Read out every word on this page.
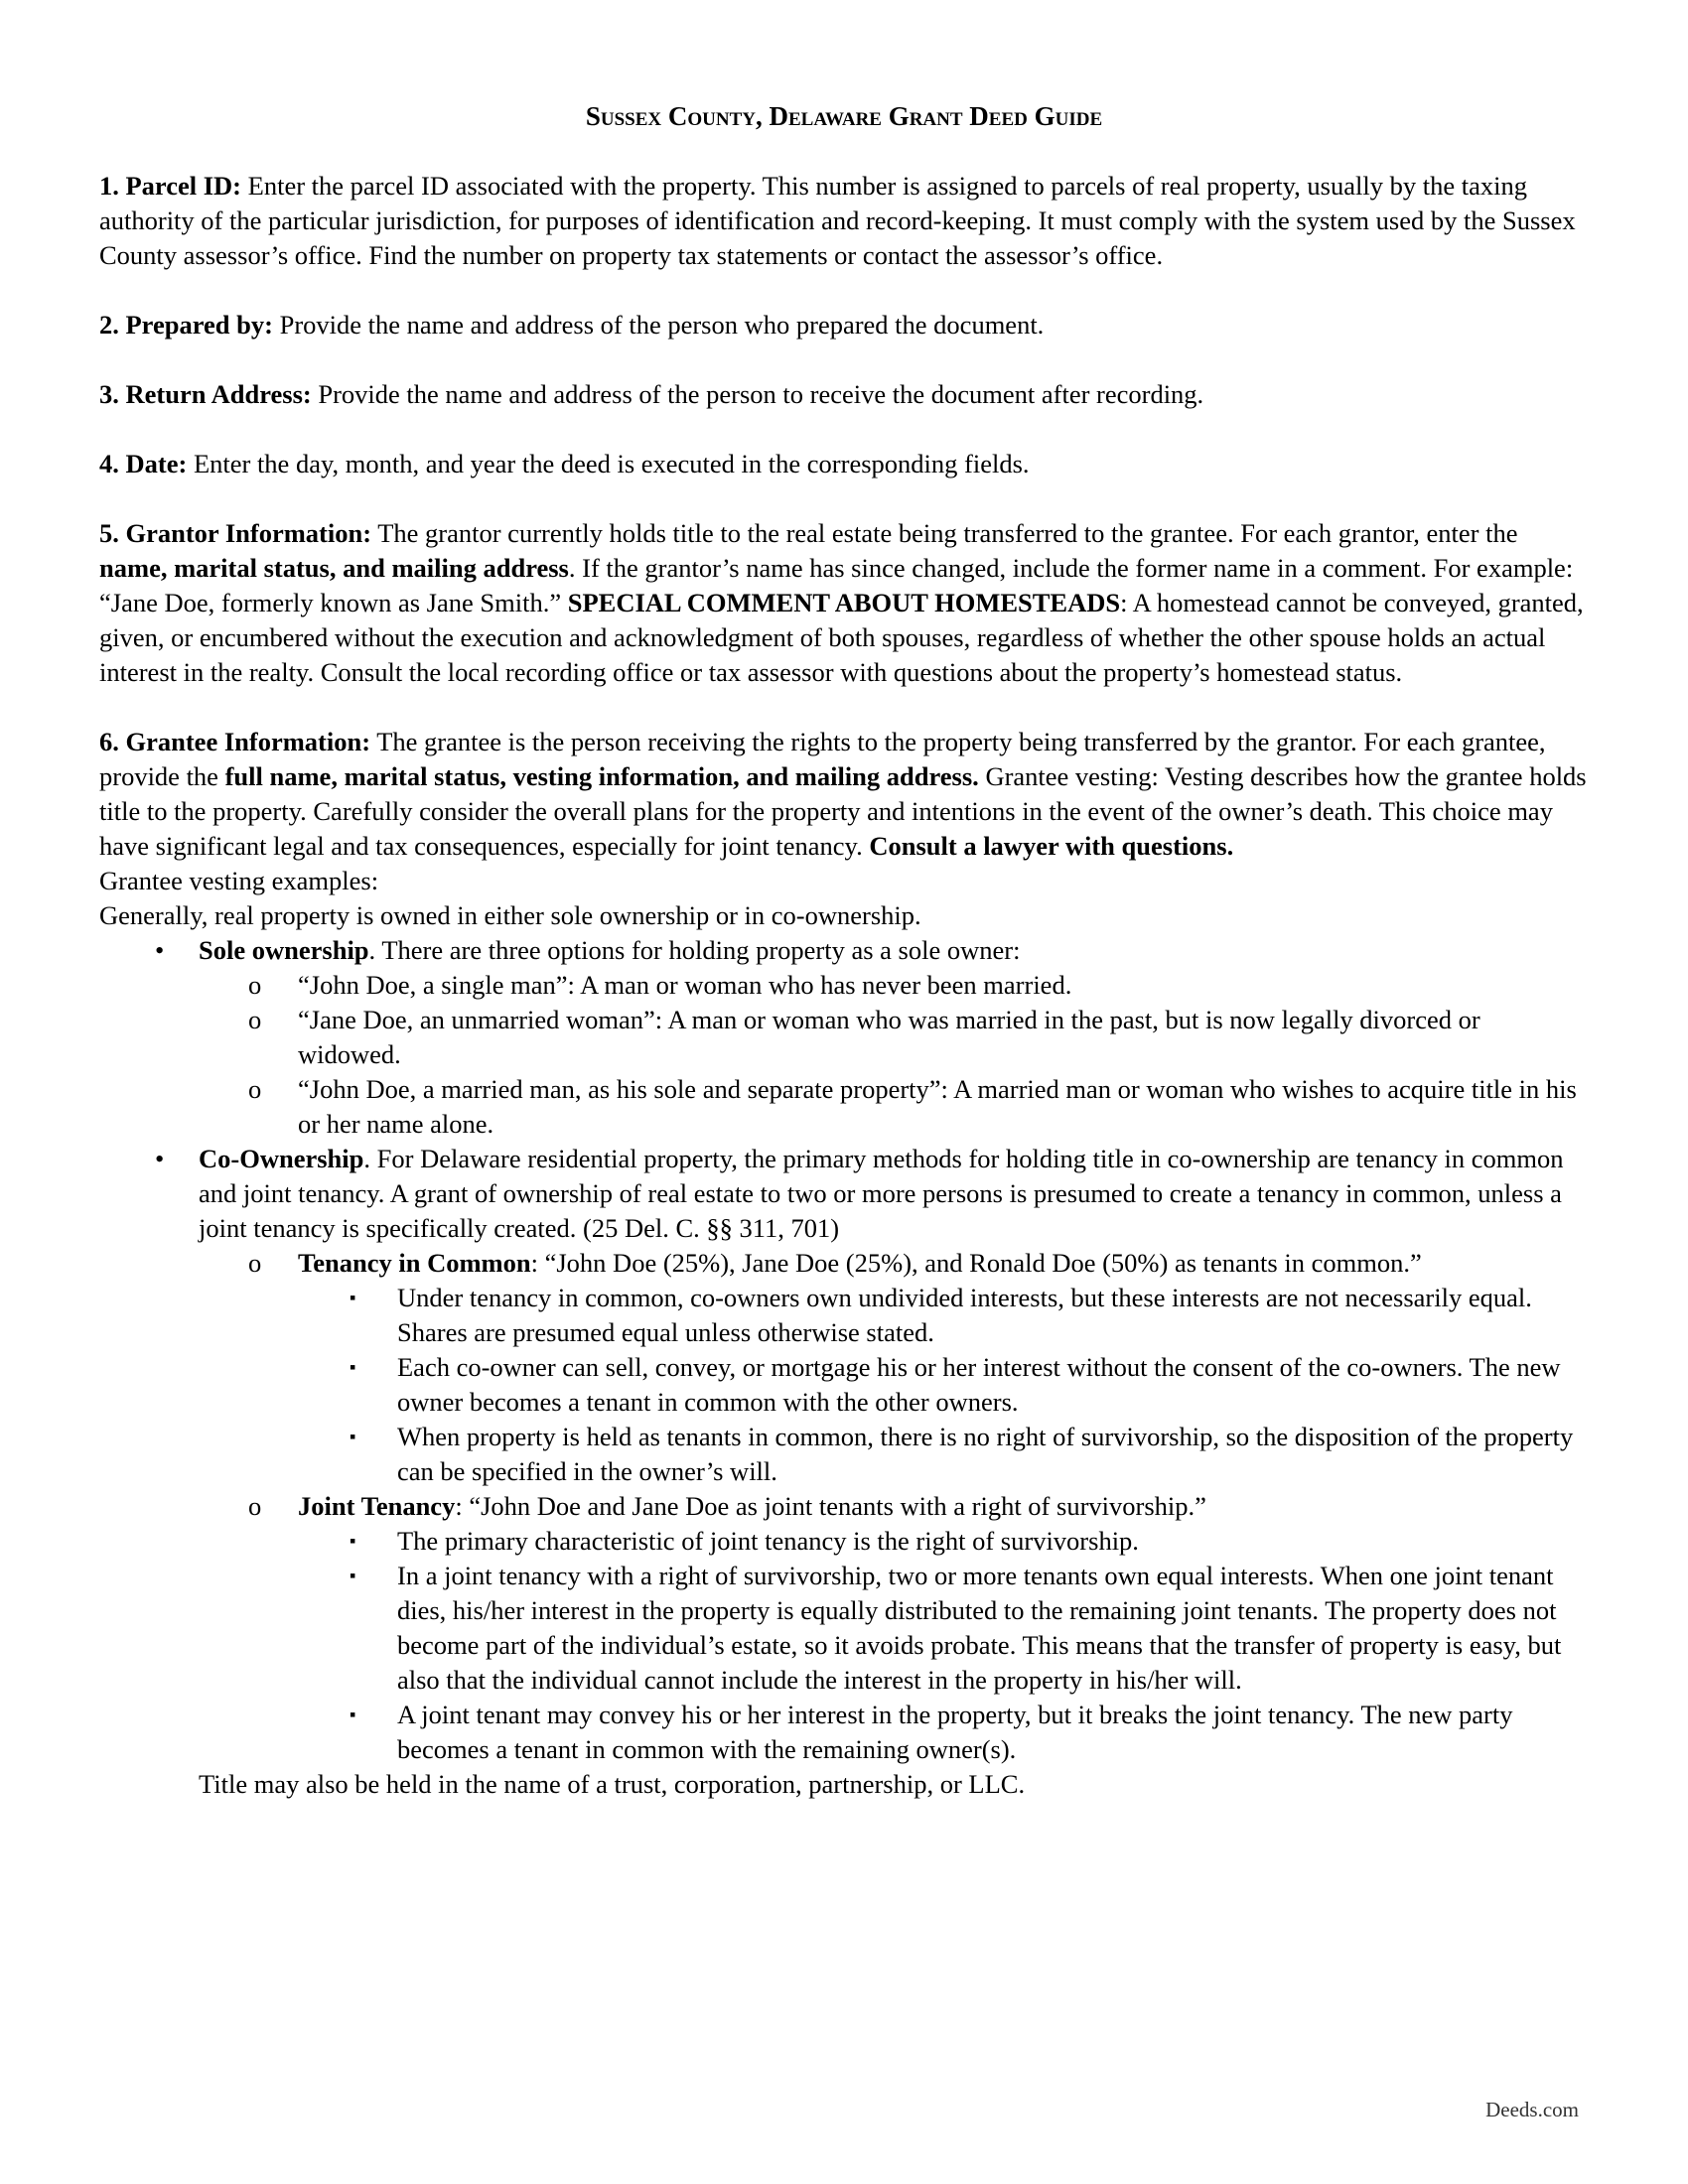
Sussex County, Delaware Grant Deed Guide

1. Parcel ID: Enter the parcel ID associated with the property. This number is assigned to parcels of real property, usually by the taxing authority of the particular jurisdiction, for purposes of identification and record-keeping. It must comply with the system used by the Sussex County assessor’s office. Find the number on property tax statements or contact the assessor’s office.

2. Prepared by: Provide the name and address of the person who prepared the document.

3. Return Address: Provide the name and address of the person to receive the document after recording.

4. Date: Enter the day, month, and year the deed is executed in the corresponding fields.

5. Grantor Information: The grantor currently holds title to the real estate being transferred to the grantee. For each grantor, enter the name, marital status, and mailing address. If the grantor’s name has since changed, include the former name in a comment. For example: “Jane Doe, formerly known as Jane Smith.” SPECIAL COMMENT ABOUT HOMESTEADS: A homestead cannot be conveyed, granted, given, or encumbered without the execution and acknowledgment of both spouses, regardless of whether the other spouse holds an actual interest in the realty. Consult the local recording office or tax assessor with questions about the property’s homestead status.

6. Grantee Information: The grantee is the person receiving the rights to the property being transferred by the grantor. For each grantee, provide the full name, marital status, vesting information, and mailing address. Grantee vesting: Vesting describes how the grantee holds title to the property. Carefully consider the overall plans for the property and intentions in the event of the owner’s death. This choice may have significant legal and tax consequences, especially for joint tenancy. Consult a lawyer with questions.

Grantee vesting examples:
Generally, real property is owned in either sole ownership or in co-ownership.
• Sole ownership. There are three options for holding property as a sole owner:
o “John Doe, a single man”: A man or woman who has never been married.
o “Jane Doe, an unmarried woman”: A man or woman who was married in the past, but is now legally divorced or widowed.
o “John Doe, a married man, as his sole and separate property”: A married man or woman who wishes to acquire title in his or her name alone.
• Co-Ownership. For Delaware residential property, the primary methods for holding title in co-ownership are tenancy in common and joint tenancy. A grant of ownership of real estate to two or more persons is presumed to create a tenancy in common, unless a joint tenancy is specifically created. (25 Del. C. §§ 311, 701)
o Tenancy in Common: “John Doe (25%), Jane Doe (25%), and Ronald Doe (50%) as tenants in common.”
▪ Under tenancy in common, co-owners own undivided interests, but these interests are not necessarily equal. Shares are presumed equal unless otherwise stated.
▪ Each co-owner can sell, convey, or mortgage his or her interest without the consent of the co-owners. The new owner becomes a tenant in common with the other owners.
▪ When property is held as tenants in common, there is no right of survivorship, so the disposition of the property can be specified in the owner’s will.
o Joint Tenancy: “John Doe and Jane Doe as joint tenants with a right of survivorship.”
▪ The primary characteristic of joint tenancy is the right of survivorship.
▪ In a joint tenancy with a right of survivorship, two or more tenants own equal interests. When one joint tenant dies, his/her interest in the property is equally distributed to the remaining joint tenants. The property does not become part of the individual’s estate, so it avoids probate. This means that the transfer of property is easy, but also that the individual cannot include the interest in the property in his/her will.
▪ A joint tenant may convey his or her interest in the property, but it breaks the joint tenancy. The new party becomes a tenant in common with the remaining owner(s).
Title may also be held in the name of a trust, corporation, partnership, or LLC.
Deeds.com
